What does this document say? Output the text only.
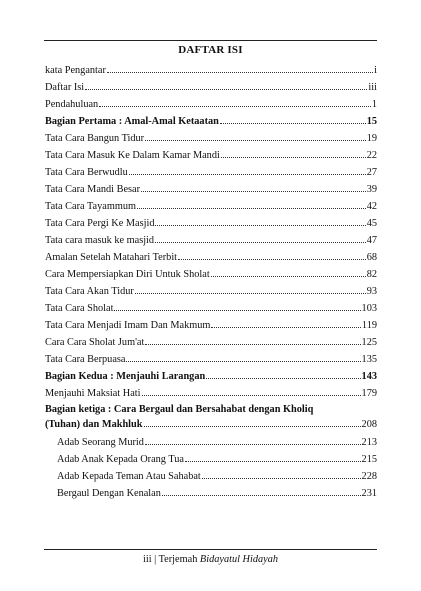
DAFTAR ISI
kata Pengantar	i
Daftar Isi	iii
Pendahuluan	1
Bagian Pertama : Amal-Amal Ketaatan	15
Tata Cara Bangun Tidur	19
Tata Cara Masuk Ke Dalam Kamar Mandi	22
Tata Cara Berwudlu	27
Tata Cara Mandi Besar	39
Tata Cara Tayammum	42
Tata Cara Pergi Ke Masjid	45
Tata cara masuk ke masjid	47
Amalan Setelah Matahari Terbit	68
Cara Mempersiapkan Diri Untuk Sholat	82
Tata Cara Akan Tidur	93
Tata Cara Sholat	103
Tata Cara Menjadi Imam Dan Makmum	119
Cara Cara Sholat Jum'at	125
Tata Cara Berpuasa	135
Bagian Kedua : Menjauhi Larangan	143
Menjauhi Maksiat Hati	179
Bagian ketiga : Cara Bergaul dan Bersahabat dengan Kholiq
(Tuhan) dan Makhluk	208
Adab Seorang Murid	213
Adab Anak Kepada Orang Tua	215
Adab Kepada Teman Atau Sahabat	228
Bergaul Dengan Kenalan	231
iii | Terjemah Bidayatul Hidayah
